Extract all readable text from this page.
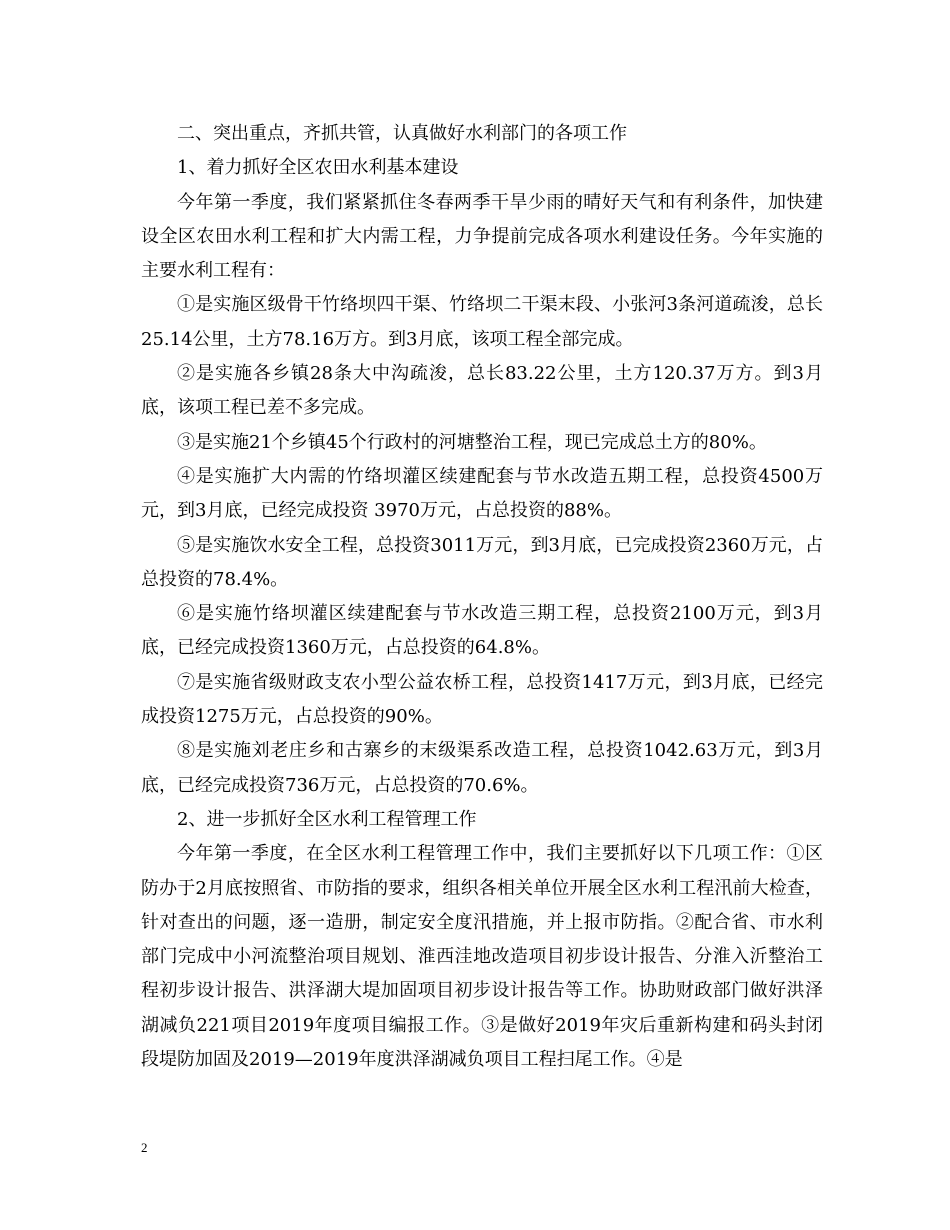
二、突出重点，齐抓共管，认真做好水利部门的各项工作

1、着力抓好全区农田水利基本建设

今年第一季度，我们紧紧抓住冬春两季干旱少雨的晴好天气和有利条件，加快建设全区农田水利工程和扩大内需工程，力争提前完成各项水利建设任务。今年实施的主要水利工程有：

①是实施区级骨干竹络坝四干渠、竹络坝二干渠末段、小张河3条河道疏浚，总长25.14公里，土方78.16万方。到3月底，该项工程全部完成。

②是实施各乡镇28条大中沟疏浚，总长83.22公里，土方120.37万方。到3月底，该项工程已差不多完成。

③是实施21个乡镇45个行政村的河塘整治工程，现已完成总土方的80%。

④是实施扩大内需的竹络坝灌区续建配套与节水改造五期工程，总投资4500万元，到3月底，已经完成投资 3970万元，占总投资的88%。

⑤是实施饮水安全工程，总投资3011万元，到3月底，已完成投资2360万元，占总投资的78.4%。

⑥是实施竹络坝灌区续建配套与节水改造三期工程，总投资2100万元，到3月底，已经完成投资1360万元，占总投资的64.8%。

⑦是实施省级财政支农小型公益农桥工程，总投资1417万元，到3月底，已经完成投资1275万元，占总投资的90%。

⑧是实施刘老庄乡和古寨乡的末级渠系改造工程，总投资1042.63万元，到3月底，已经完成投资736万元，占总投资的70.6%。

2、进一步抓好全区水利工程管理工作

今年第一季度，在全区水利工程管理工作中，我们主要抓好以下几项工作：①区防办于2月底按照省、市防指的要求，组织各相关单位开展全区水利工程汛前大检查，针对查出的问题，逐一造册，制定安全度汛措施，并上报市防指。②配合省、市水利部门完成中小河流整治项目规划、淮西洼地改造项目初步设计报告、分淮入沂整治工程初步设计报告、洪泽湖大堤加固项目初步设计报告等工作。协助财政部门做好洪泽湖减负221项目2019年度项目编报工作。③是做好2019年灾后重新构建和码头封闭段堤防加固及2019—2019年度洪泽湖减负项目工程扫尾工作。④是

2
